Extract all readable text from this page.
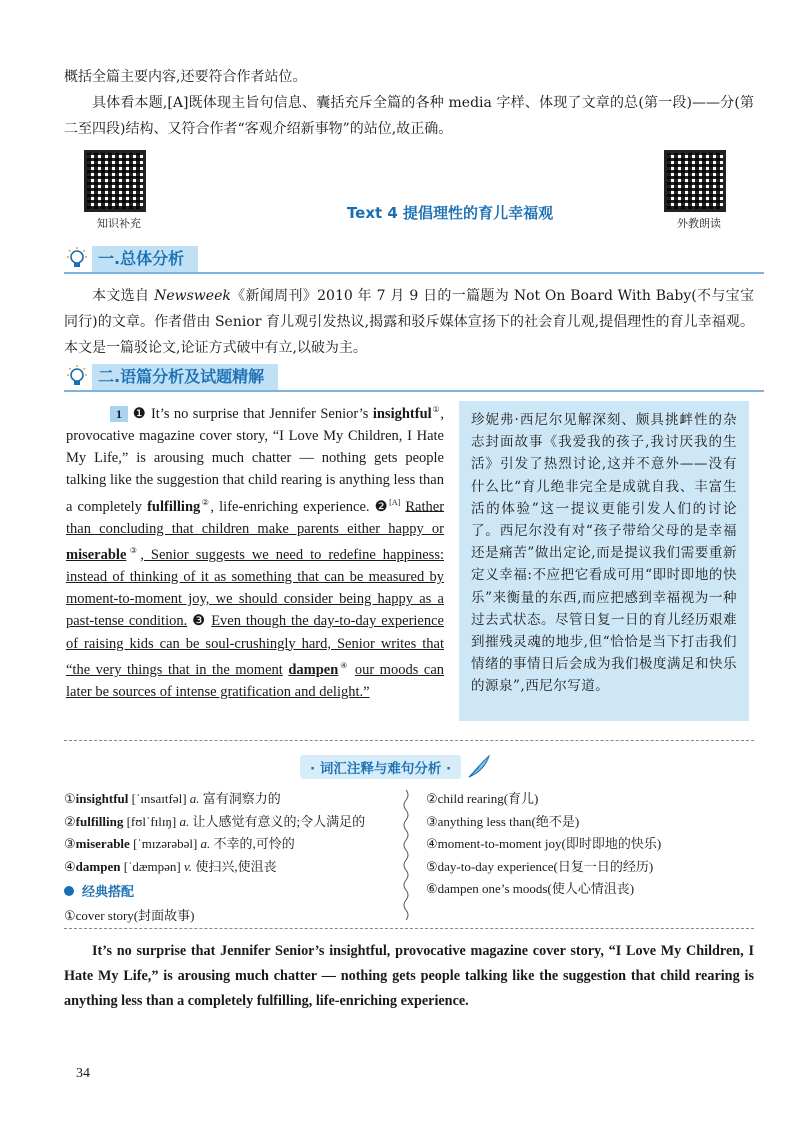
概括全篇主要内容,还要符合作者站位。
具体看本题,[A]既体现主旨句信息、囊括充斥全篇的各种 media 字样、体现了文章的总(第一段)——分(第二至四段)结构、又符合作者“客观介绍新事物”的站位,故正确。
知识补充	外教朗读
Text 4 提倡理性的育儿幸福观
一.总体分析
本文选自 Newsweek《新闻周刊》2010 年 7 月 9 日的一篇题为 Not On Board With Baby(不与宝宝同行)的文章。作者借由 Senior 育儿观引发热议,揭露和驳斥媒体宣扬下的社会育儿观,提倡理性的育儿幸福观。本文是一篇驳论文,论证方式破中有立,以破为主。
二.语篇分析及试题精解
1 ❶ It’s no surprise that Jennifer Senior’s insightful①, provocative magazine cover story, “I Love My Children, I Hate My Life,” is arousing much chatter — nothing gets people talking like the suggestion that child rearing is anything less than a completely fulfilling②, life-enriching experience. ❷[A] Rather than concluding that children make parents either happy or miserable③, Senior suggests we need to redefine happiness: instead of thinking of it as something that can be measured by moment-to-moment joy, we should consider being happy as a past-tense condition. ❸ Even though the day-to-day experience of raising kids can be soul-crushingly hard, Senior writes that “the very things that in the moment dampen④ our moods can later be sources of intense gratification and delight.”
珍妮弗·西尼尔见解深刻、颇具挑衅性的杂志封面故事《我爱我的孩子,我讨厌我的生活》引发了热烈讨论,这并不意外——没有什么比“育儿绝非完全是成就自我、丰富生活的体验”这一提议更能引发人们的讨论了。西尼尔没有对“孩子带给父母的是幸福还是痛苦”做出定论,而是提议我们需要重新定义幸福:不应把它看成可用“即时即地的快乐”来衡量的东西,而应把感到幸福视为一种过去式状态。尽管日复一日的育儿经历艰难到摧残灵魂的地步,但“恰恰是当下打击我们情绪的事情日后会成为我们极度满足和快乐的源泉”,西尼尔写道。
· 词汇注释与难句分析 ·
①insightful [ˈɪnsaɪtfəl] a. 富有洞察力的
②fulfilling [fʊlˈfɪlɪŋ] a. 让人感觉有意义的;令人满足的
③miserable [ˈmɪzərəbəl] a. 不幸的,可怜的
④dampen [ˈdæmpən] v. 使扫兴,使沮丧
经典搭配
①cover story(封面故事)
②child rearing(育儿)
③anything less than(绝不是)
④moment-to-moment joy(即时即地的快乐)
⑤day-to-day experience(日复一日的经历)
⑥dampen one’s moods(使人心情沮丧)
It’s no surprise that Jennifer Senior’s insightful, provocative magazine cover story, “I Love My Children, I Hate My Life,” is arousing much chatter — nothing gets people talking like the suggestion that child rearing is anything less than a completely fulfilling, life-enriching experience.
34
